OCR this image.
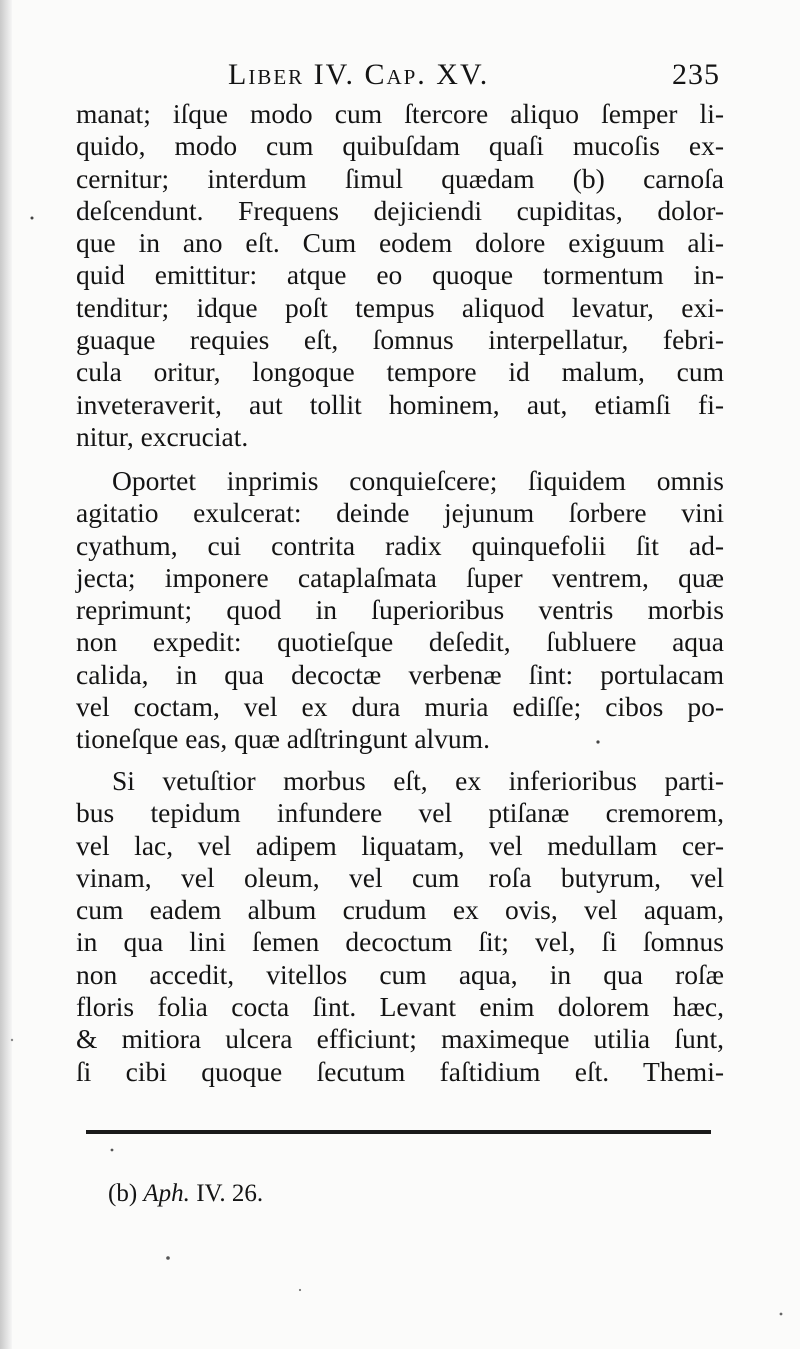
Liber IV. Cap. XV.	235
manat; iſque modo cum ſtercore aliquo ſemper li-
quido, modo cum quibuſdam quaſi mucoſis ex-
cernitur; interdum ſimul quædam (b) carnoſa
deſcendunt. Frequens dejiciendi cupiditas, dolor-
que in ano eſt. Cum eodem dolore exiguum ali-
quid emittitur: atque eo quoque tormentum in-
tenditur; idque poſt tempus aliquod levatur, exi-
guaque requies eſt, ſomnus interpellatur, febri-
cula oritur, longoque tempore id malum, cum
inveteraverit, aut tollit hominem, aut, etiamſi fi-
nitur, excruciat.
Oportet inprimis conquieſcere; ſiquidem omnis
agitatio exulcerat: deinde jejunum ſorbere vini
cyathum, cui contrita radix quinquefolii ſit ad-
jecta; imponere cataplaſmata ſuper ventrem, quæ
reprimunt; quod in ſuperioribus ventris morbis
non expedit: quotieſque deſedit, ſubluere aqua
calida, in qua decoctæ verbenæ ſint: portulacam
vel coctam, vel ex dura muria ediſſe; cibos po-
tioneſque eas, quæ adſtringunt alvum.
Si vetuſtior morbus eſt, ex inferioribus parti-
bus tepidum infundere vel ptiſanæ cremorem,
vel lac, vel adipem liquatam, vel medullam cer-
vinam, vel oleum, vel cum roſa butyrum, vel
cum eadem album crudum ex ovis, vel aquam,
in qua lini ſemen decoctum ſit; vel, ſi ſomnus
non accedit, vitellos cum aqua, in qua roſæ
floris folia cocta ſint. Levant enim dolorem hæc,
& mitiora ulcera efficiunt; maximeque utilia ſunt,
ſi cibi quoque ſecutum faſtidium eſt. Themi-
(b) Aph. IV. 26.
